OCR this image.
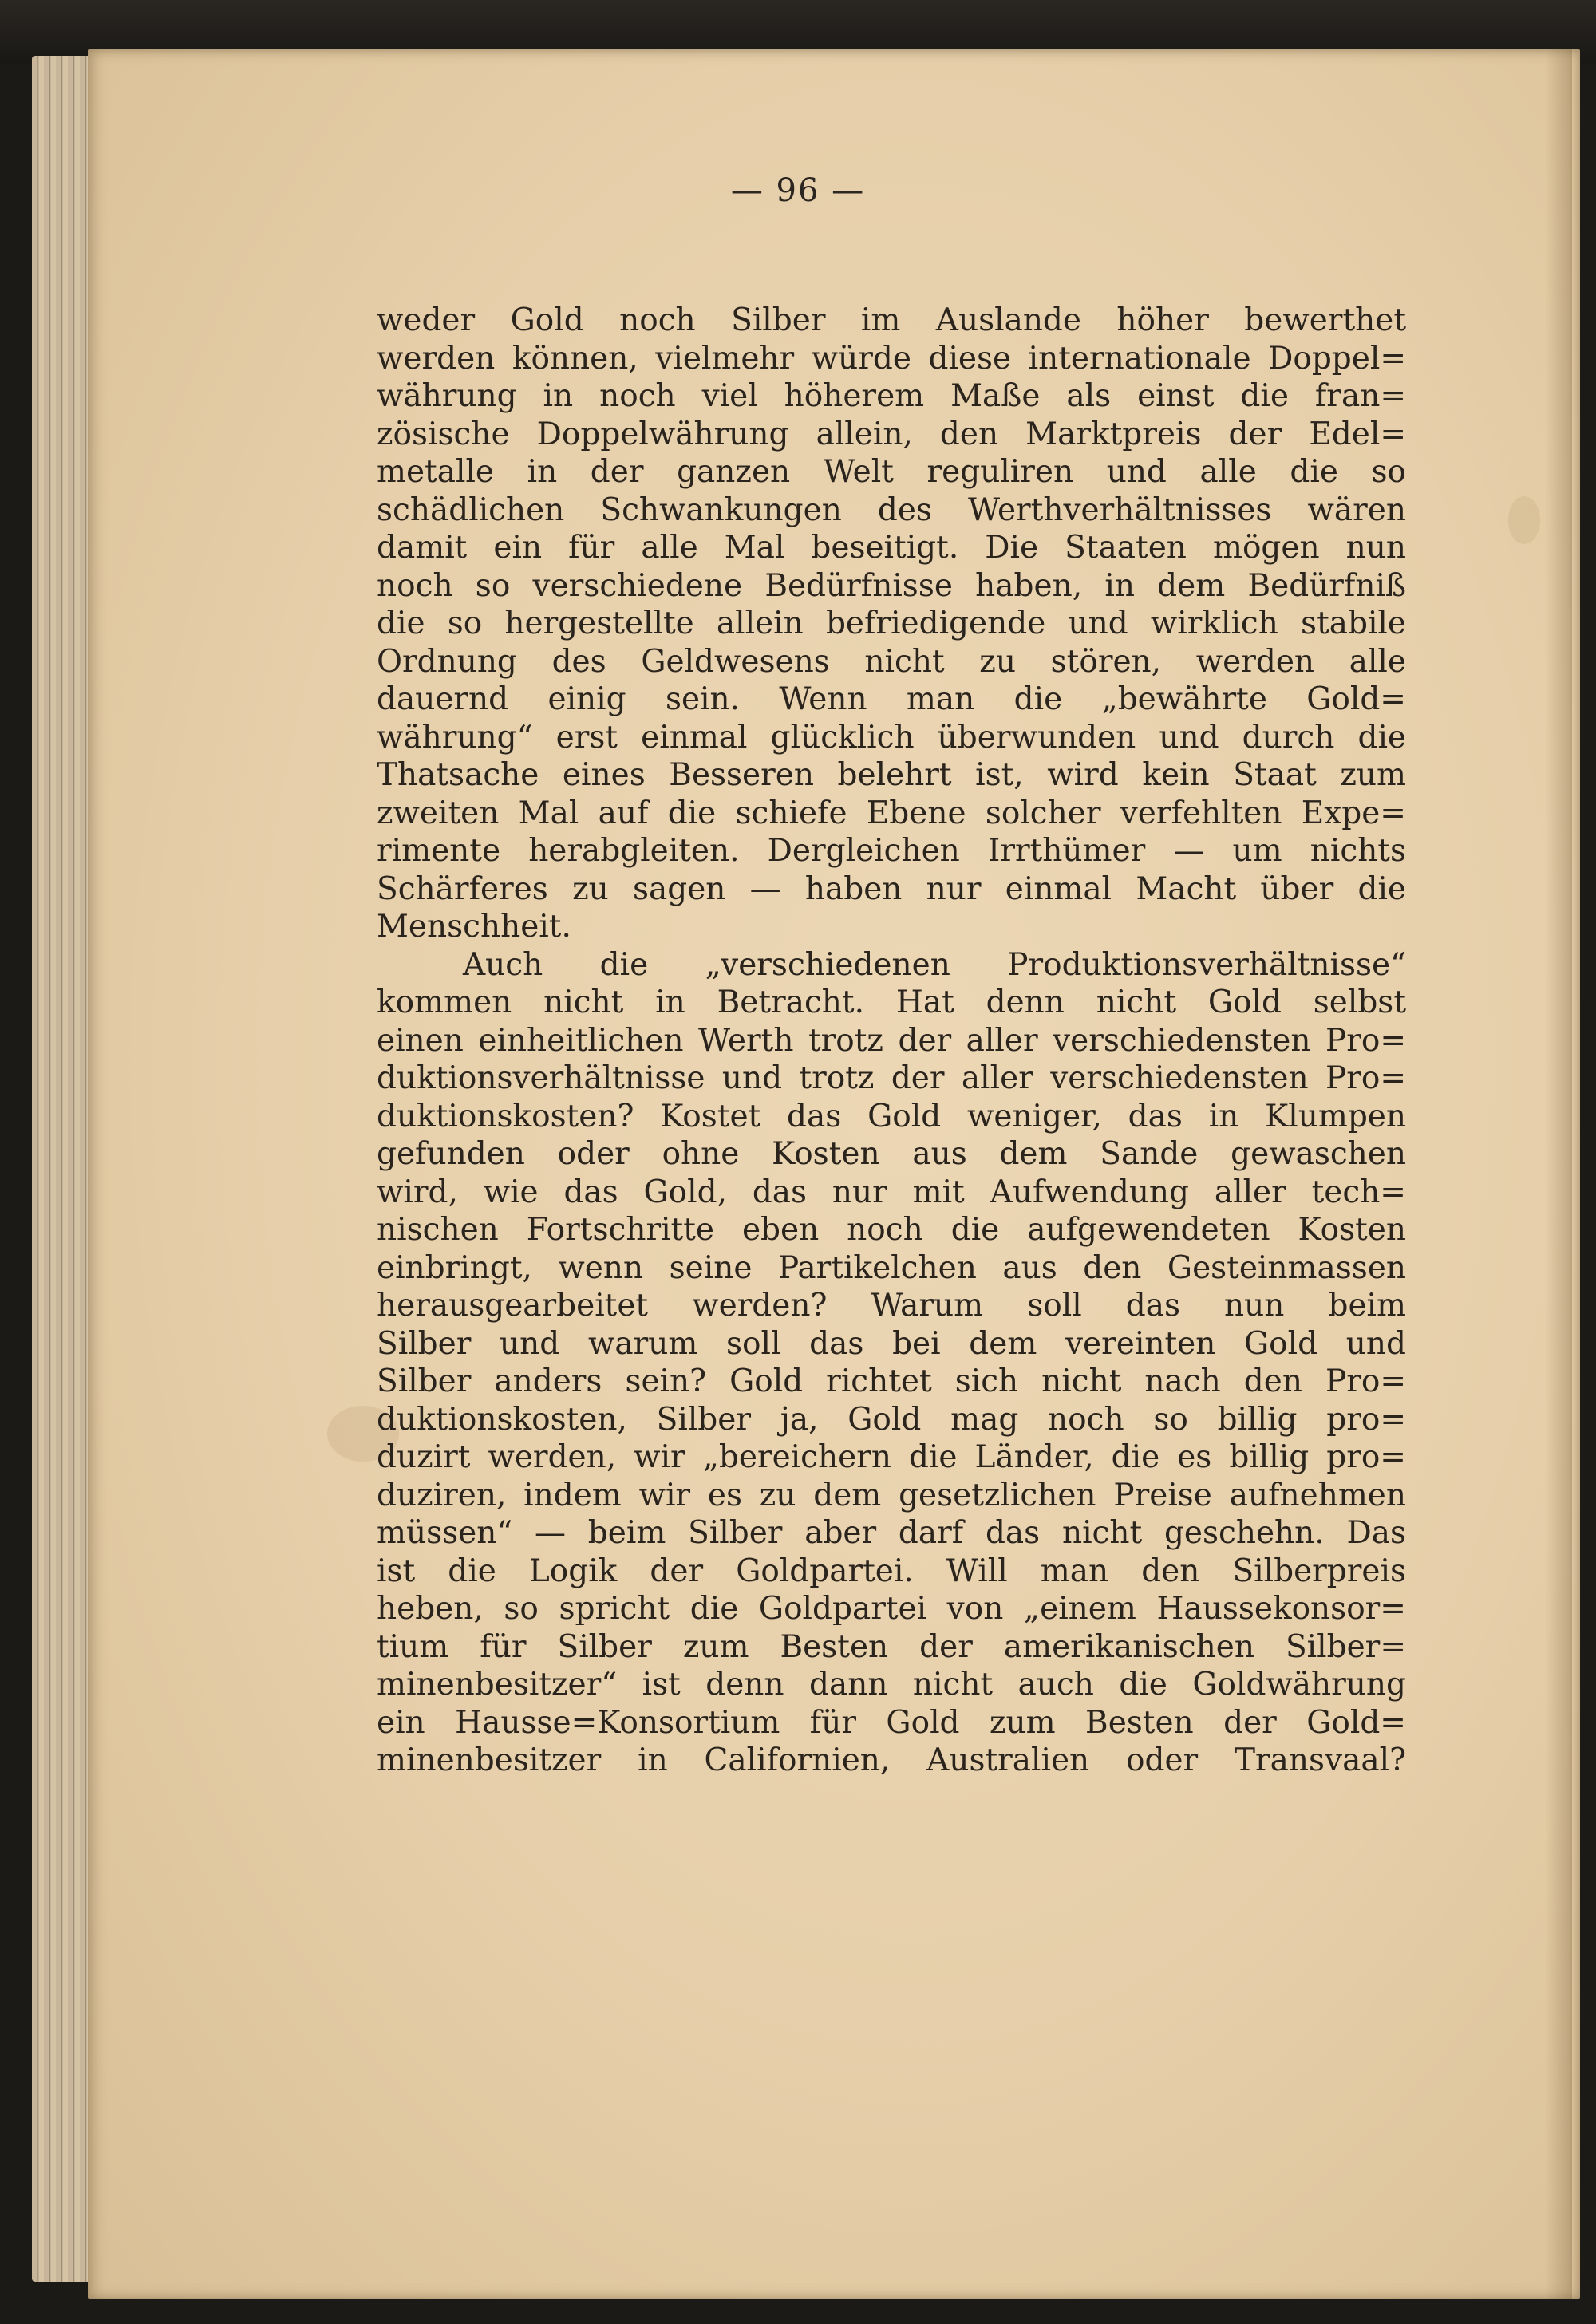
— 96 —
weder Gold noch Silber im Auslande höher bewerthet
werden können, vielmehr würde diese internationale Doppel=
währung in noch viel höherem Maße als einst die fran=
zösische Doppelwährung allein, den Marktpreis der Edel=
metalle in der ganzen Welt reguliren und alle die so
schädlichen Schwankungen des Werthverhältnisses wären
damit ein für alle Mal beseitigt. Die Staaten mögen nun
noch so verschiedene Bedürfnisse haben, in dem Bedürfniß
die so hergestellte allein befriedigende und wirklich stabile
Ordnung des Geldwesens nicht zu stören, werden alle
dauernd einig sein. Wenn man die „bewährte Gold=
währung“ erst einmal glücklich überwunden und durch die
Thatsache eines Besseren belehrt ist, wird kein Staat zum
zweiten Mal auf die schiefe Ebene solcher verfehlten Expe=
rimente herabgleiten. Dergleichen Irrthümer — um nichts
Schärferes zu sagen — haben nur einmal Macht über die
Menschheit.
Auch die „verschiedenen Produktionsverhältnisse“
kommen nicht in Betracht. Hat denn nicht Gold selbst
einen einheitlichen Werth trotz der aller verschiedensten Pro=
duktionsverhältnisse und trotz der aller verschiedensten Pro=
duktionskosten? Kostet das Gold weniger, das in Klumpen
gefunden oder ohne Kosten aus dem Sande gewaschen
wird, wie das Gold, das nur mit Aufwendung aller tech=
nischen Fortschritte eben noch die aufgewendeten Kosten
einbringt, wenn seine Partikelchen aus den Gesteinmassen
herausgearbeitet werden? Warum soll das nun beim
Silber und warum soll das bei dem vereinten Gold und
Silber anders sein? Gold richtet sich nicht nach den Pro=
duktionskosten, Silber ja, Gold mag noch so billig pro=
duzirt werden, wir „bereichern die Länder, die es billig pro=
duziren, indem wir es zu dem gesetzlichen Preise aufnehmen
müssen“ — beim Silber aber darf das nicht geschehn. Das
ist die Logik der Goldpartei. Will man den Silberpreis
heben, so spricht die Goldpartei von „einem Haussekonsor=
tium für Silber zum Besten der amerikanischen Silber=
minenbesitzer“ ist denn dann nicht auch die Goldwährung
ein Hausse=Konsortium für Gold zum Besten der Gold=
minenbesitzer in Californien, Australien oder Transvaal?
